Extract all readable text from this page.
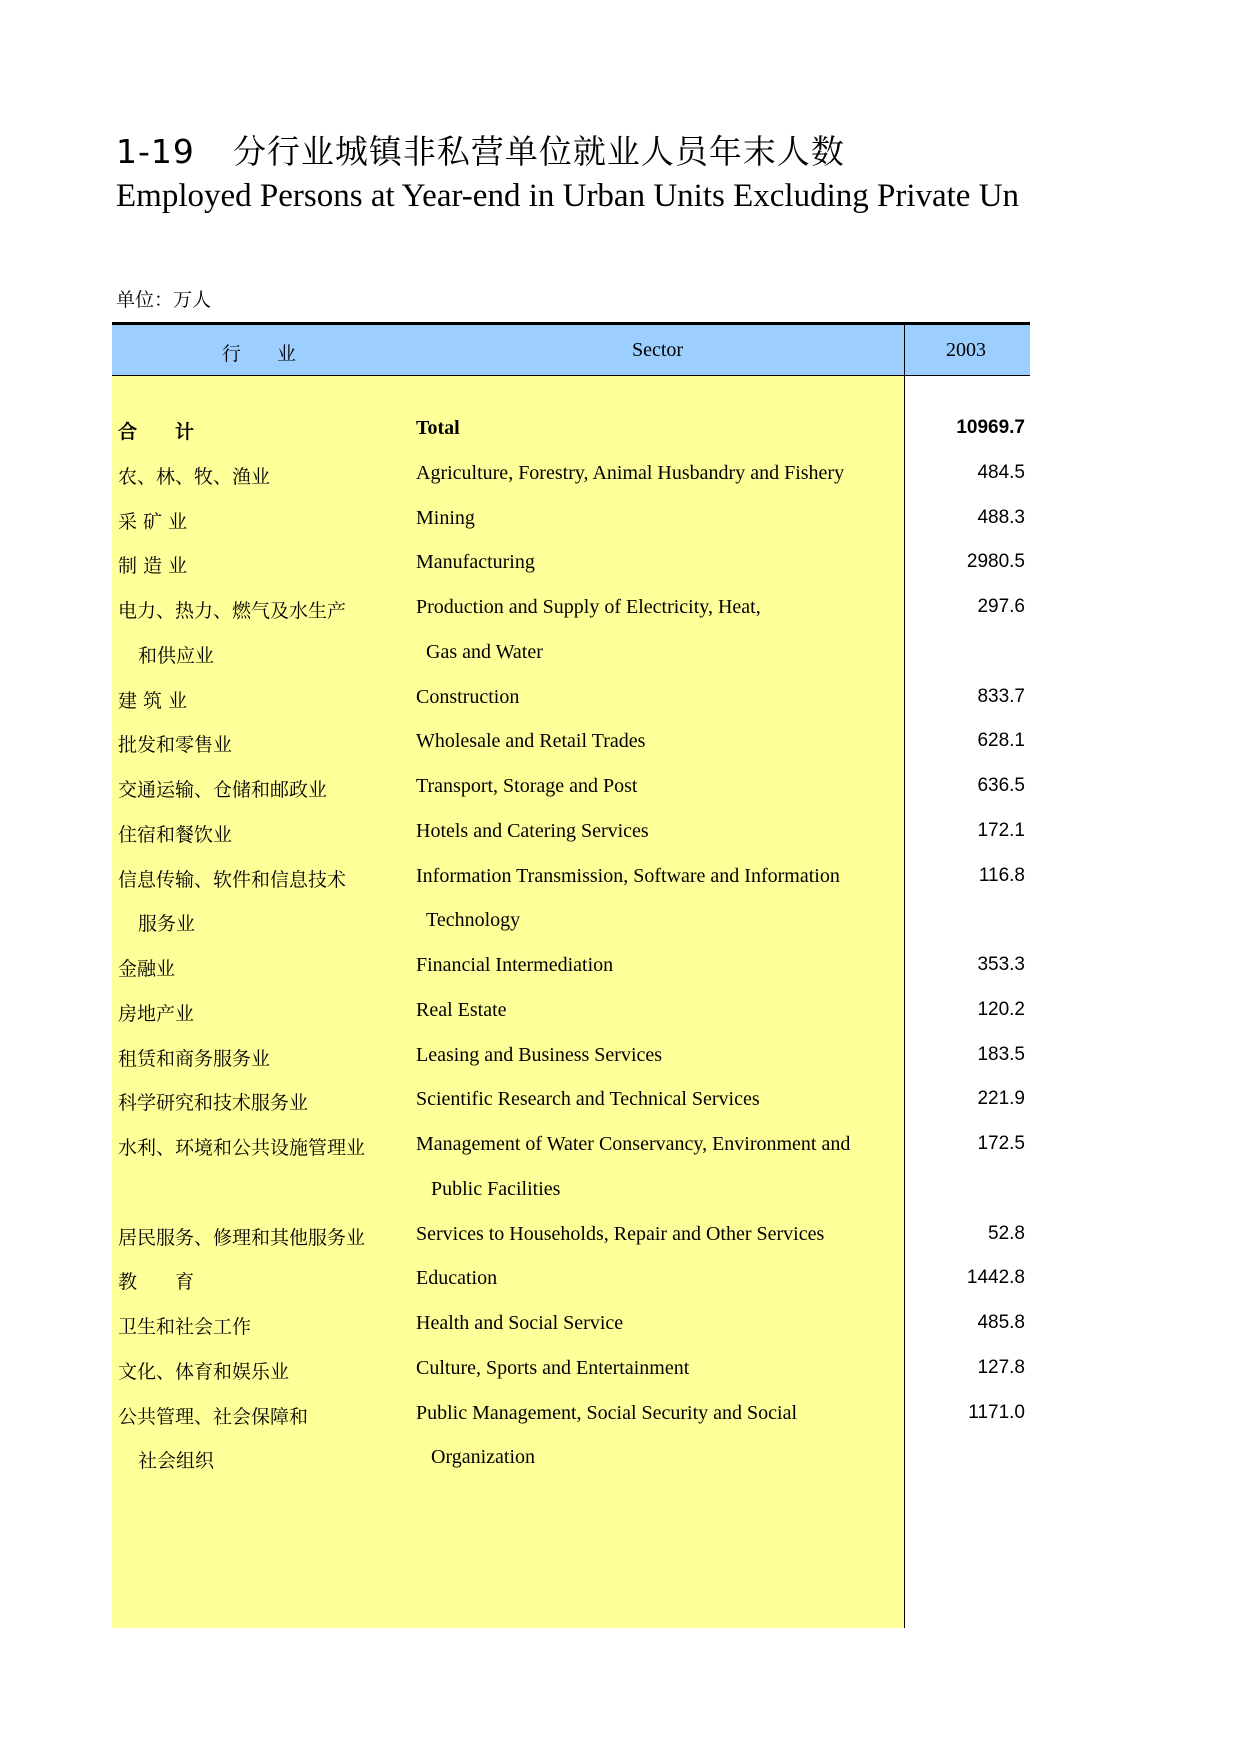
1-19 分行业城镇非私营单位就业人员年末人数
Employed Persons at Year-end in Urban Units Excluding Private Un
单位：万人
行 业	Sector	2003
合　　计	Total	10969.7
农、林、牧、渔业	Agriculture, Forestry, Animal Husbandry and Fishery	484.5
采 矿 业	Mining	488.3
制 造 业	Manufacturing	2980.5
电力、热力、燃气及水生产	Production and Supply of Electricity, Heat,	297.6
和供应业	Gas and Water
建 筑 业	Construction	833.7
批发和零售业	Wholesale and Retail Trades	628.1
交通运输、仓储和邮政业	Transport, Storage and Post	636.5
住宿和餐饮业	Hotels and Catering Services	172.1
信息传输、软件和信息技术	Information Transmission, Software and Information	116.8
服务业	Technology
金融业	Financial Intermediation	353.3
房地产业	Real Estate	120.2
租赁和商务服务业	Leasing and Business Services	183.5
科学研究和技术服务业	Scientific Research and Technical Services	221.9
水利、环境和公共设施管理业	Management of Water Conservancy, Environment and	172.5
Public Facilities
居民服务、修理和其他服务业	Services to Households, Repair and Other Services	52.8
教　　育	Education	1442.8
卫生和社会工作	Health and Social Service	485.8
文化、体育和娱乐业	Culture, Sports and Entertainment	127.8
公共管理、社会保障和	Public Management, Social Security and Social	1171.0
社会组织	Organization
